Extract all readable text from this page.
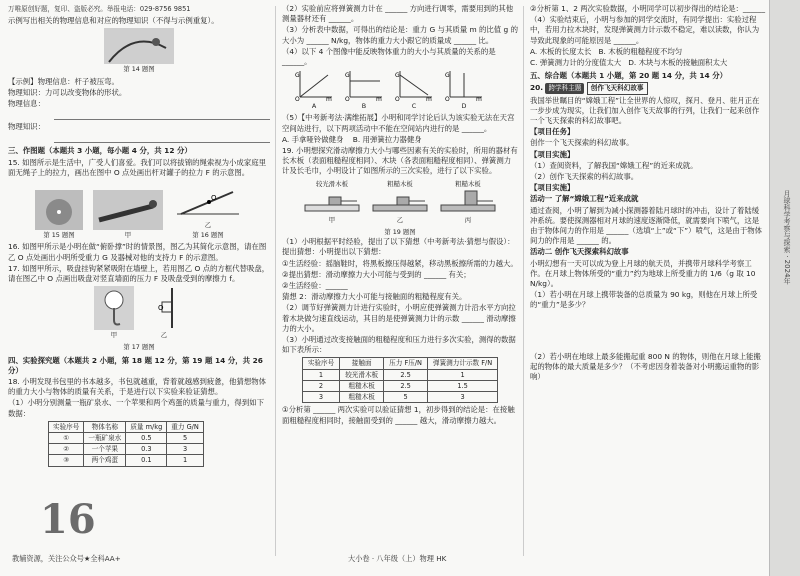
万唯原创好题，复印、盗版必究。举报电话：029-8756 9851

示例写出相关的物理信息和对应的物理知识（不得与示例重复）。

第 14 题图

【示例】物理信息：杆子被压弯。

物理知识：力可以改变物体的形状。

物理信息：

物理知识：

三、作图题（本题共 3 小题，每小题 4 分，共 12 分）

15. 如图所示是生活中，广受人们喜爱。我们可以将拔锦的绳索视为小成家庭里面无绳子上的拉力，画出在图中 O 点处画出杆对罐子的拉力 F 的示意图。

第 15 题图	甲
O
乙
第 16 题图

16. 如图甲所示是小明在做“俯卧撑”时的情景图，图乙为其简化示意图，请在图乙 O 点处画出小明所受重力 G 及器械对他的支持力 F 的示意图。

17. 如图甲所示，吸盘挂钩紧紧吸附在墙壁上，若用图乙 O 点的方框代替吸盘，请在图乙中 O 点画出吸盘对竖直墙面的压力 F 及吸盘受到的摩擦力 f。

甲
O
乙
第 17 题图
四、实验探究题（本题共 2 小题，第 18 题 12 分，第 19 题 14 分，共 26 分）

18. 小明发现书包里的书本越多，书包就越重，背着就越感到疲惫，他猜想物体的重力大小与物体的质量有关系，于是进行以下实验来验证猜想。

（1）小明分别测量一瓶矿泉水、一个苹果和两个鸡蛋的质量与重力，得到如下数据：

实验序号	物体名称	质量 m/kg	重力 G/N
①	一瓶矿泉水	0.5	5
②	一个苹果	0.3	3
③	两个鸡蛋	0.1	1
16
教辅资源，关注公众号★全科AA+

（2）实验前应将弹簧测力计在 ______ 方向进行调零，需要用到的其他测量器材还有 ______。

（3）分析表中数据，可得出的结论是：重力 G 与其质量 m 的比值 g 的大小为 ______ N/kg，物体的重力大小跟它的质量成 ______ 比。

（4）以下 4 个图像中能反映物体重力的大小与其质量的关系的是 ______。

G
m
O
A
G
m
O
B
G
m
O
C
G
m
O
D

（5）【中考新考法·满维拓展】小明和同学讨论后认为该实验无法在天宫空间站进行，以下两项活动中不能在空间站内进行的是 ______。

A. 手拿哑铃做健身 B. 用弹簧拉力器健身

19. 小明想探究滑动摩擦力大小与哪些因素有关的实验时，所用的器材有长木板（表面粗糙程度相同）、木块（各表面粗糙程度相同）、弹簧测力计及长毛巾，小明设计了如图所示的三次实验，进行了以下实验。

较光滑木板
甲
粗糙木板
乙
粗糙木板
丙
第 19 题图

（1）小明根据平时经验，提出了以下猜想（中考新考法·猜想与假设）：提出猜想：小明提出以下猜想：

①生活经验：摇脑鞋时，将黑板擦压得越紧，移动黑板擦所需的力越大。

②提出猜想：滑动摩擦力大小可能与受到的 ______ 有关；

②生活经验：______

猜想 2：滑动摩擦力大小可能与接触面的粗糙程度有关。

（2）调节好弹簧测力计进行实验时，小明应使弹簧测力计沿水平方向拉着木块做匀速直线运动，其目的是使弹簧测力计的示数 ______ 滑动摩擦力的大小。

（3）小明通过改变接触面的粗糙程度和压力进行多次实验，测得的数据如下表所示：

实验序号	接触面	压力 F压/N	弹簧测力计示数 F/N
1	较光滑木板	2.5	1
2	粗糙木板	2.5	1.5
3	粗糙木板	5	3

①分析第 ______ 两次实验可以验证猜想 1，初步得到的结论是：在接触面粗糙程度相同时，接触面受到的 ______ 越大，滑动摩擦力越大。

大小卷 · 八年级（上）物理 HK

②分析第 1、2 两次实验数据，小明同学可以初步得出的结论是：______

（4）实验结束后，小明与参加的同学交流时，有同学提出：实验过程中，若用力拉木块时，发现弹簧测力计示数不稳定，难以读数，你认为导致此现象的可能原因是 ______。

A. 木板的长度太长 B. 木板的粗糙程度不均匀

C. 弹簧测力计的分度值太大 D. 木块与木板的接触面积太大

五、综合题（本题共 1 小题，第 20 题 14 分，共 14 分）

20. 跨学科主题 创作飞天科幻故事

我国举世瞩目的“嫦娥工程”让全世界的人惊叹，探月、登月、驻月正在一步步成为现实，让我们加入创作飞天故事的行列，让我们一起来创作一个飞天探索的科幻故事吧。

【项目任务】

创作一个飞天探索的科幻故事。

【项目实施】

（1）查阅资料，了解我国“嫦娥工程”的近来成就。

（2）创作飞天探索的科幻故事。

【项目实施】

活动一 了解“嫦娥工程”近来成就

通过查阅，小明了解到为减小探测器着陆月球时的冲击，设计了着陆缓冲系统。要使探测器相对月球的速度逐渐降低，就需要向下喷气，这是由于物体间力的作用是 ______（选填“上”或“下”）喷气，这是由于物体间力的作用是 ______ 的。

活动二 创作飞天探索科幻故事

小明幻想有一天可以成为登上月球的航天员，并携带月球科学考察工作。在月球上物体所受的“重力”约为地球上所受重力的 1/6（g 取 10 N/kg）。

（1）若小明在月球上携带装备的总质量为 90 kg，则他在月球上所受的“重力”是多少？

（2）若小明在地球上最多能搬起重 800 N 的物体，则他在月球上能搬起的物体的最大质量是多少？（不考虑因身着装备对小明搬运重物的影响）

月球科学考察与探索 · 2024年
